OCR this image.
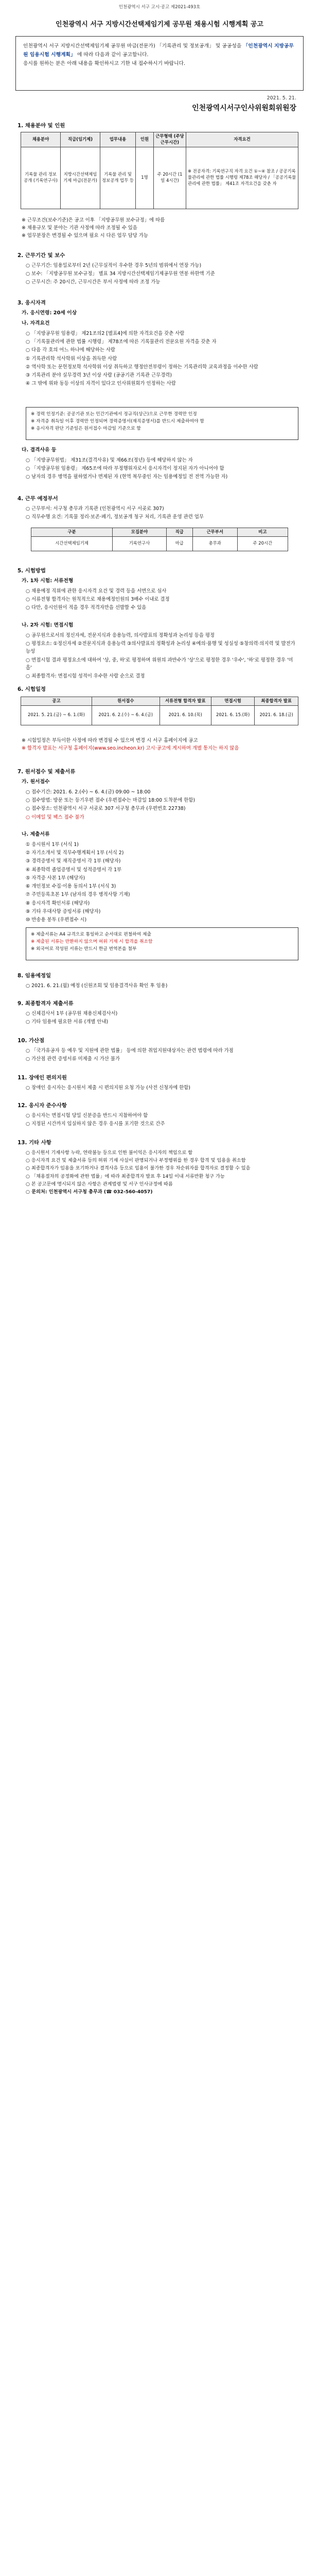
인천광역시 서구 고시·공고 제2021-493호
인천광역시 서구 지방시간선택제임기제 공무원 채용시험 시행계획 공고
인천광역시 서구 지방시간선택제임기제 공무원 마급(전문가) 「기록관리 및 정보공개」 및 공공성을 「인천광역시 지방공무원 임용시험 시행계획」 에 따라 다음과 같이 공고합니다.
응시를 원하는 분은 아래 내용을 확인하시고 기한 내 접수하시기 바랍니다.
2021. 5. 21.
인천광역시서구인사위원회위원장
1. 채용분야 및 인원
채용분야	직급(임기제)	업무내용	인원	근무형태 (주당근무시간)	자격요건
기록물 관리 정보공개 (기록연구사)	지방시간선택제임기제 마급(전문가)	기록물 관리 및 정보공개 업무 등	1명	주 20시간 (1일 4시간)	※ 전공자격: 기록연구직 자격 요건 ①~④ 참조 / 공공기록물관리에 관한 법률 시행령 제78조 해당자 / 「공공기록물관리에 관한 법률」 제41조 자격요건을 갖춘 자

※ 근무조건(보수기준)은 공고 이후 「지방공무원 보수규정」에 따름

※ 채용규모 및 분야는 기관 사정에 따라 조정될 수 있음

※ 업무분장은 변경될 수 있으며 필요 시 다른 업무 담당 가능

2. 근무기간 및 보수

○ 근무기간: 임용일로부터 2년 (근무실적이 우수한 경우 5년의 범위에서 연장 가능)

○ 보수: 「지방공무원 보수규정」 별표 34 지방시간선택제임기제공무원 연봉 하한액 기준

○ 근무시간: 주 20시간, 근무시간은 부서 사정에 따라 조정 가능

3. 응시자격
가. 응시연령: 20세 이상
나. 자격요건

○ 「지방공무원 임용령」 제21조의2 [별표4]에 의한 자격요건을 갖춘 사람

○ 「기록물관리에 관한 법률 시행령」 제78조에 따른 기록물관리 전문요원 자격을 갖춘 자

○ 다음 각 호의 어느 하나에 해당하는 사람

① 기록관리학 석사학위 이상을 취득한 사람

② 역사학 또는 문헌정보학 석사학위 이상 취득하고 행정안전부령이 정하는 기록관리학 교육과정을 이수한 사람

③ 기록관리 분야 실무경력 3년 이상 사람 (공공기관 기록관 근무경력)

④ 그 밖에 위와 동등 이상의 자격이 있다고 인사위원회가 인정하는 사람

※ 경력 인정기준: 공공기관 또는 민간기관에서 정규직(상근)으로 근무한 경력만 인정

※ 자격증 취득일 이후 경력만 인정되며 경력증명서(재직증명서)를 반드시 제출하여야 함

※ 응시자격 판단 기준일은 원서접수 마감일 기준으로 함

다. 결격사유 등

○ 「지방공무원법」 제31조(결격사유) 및 제66조(정년) 등에 해당하지 않는 자

○ 「지방공무원 임용령」 제65조에 따라 부정행위자로서 응시자격이 정지된 자가 아니어야 함

○ 남자의 경우 병역을 필하였거나 면제된 자 (현역 복무중인 자는 임용예정일 전 전역 가능한 자)

4. 근무 예정부서

○ 근무부서: 서구청 총무과 기록관 (인천광역시 서구 서곶로 307)

○ 직무수행 요건: 기록물 정리·보존·폐기, 정보공개 청구 처리, 기록관 운영 관련 업무

구분	모집분야	직급	근무부서	비고
시간선택제임기제	기록연구사	마급	총무과	주 20시간
5. 시험방법
가. 1차 시험: 서류전형

○ 채용예정 직위에 관한 응시자격 요건 및 경력 등을 서면으로 심사

○ 서류전형 합격자는 원칙적으로 채용예정인원의 3배수 이내로 결정

○ 다만, 응시인원이 적을 경우 적격자만을 선발할 수 있음

나. 2차 시험: 면접시험

○ 공무원으로서의 정신자세, 전문지식과 응용능력, 의사발표의 정확성과 논리성 등을 평정

○ 평정요소: ①정신자세 ②전문지식과 응용능력 ③의사발표의 정확성과 논리성 ④예의·품행 및 성실성 ⑤창의력·의지력 및 발전가능성

○ 면접시험 결과 평정요소에 대하여 '상, 중, 하'로 평정하며 위원의 과반수가 '상'으로 평정한 경우 '우수', '하'로 평정한 경우 '미흡'

○ 최종합격자: 면접시험 성적이 우수한 사람 순으로 결정

6. 시험일정
공고	원서접수	서류전형 합격자 발표	면접시험	최종합격자 발표
2021. 5. 21.(금) ~ 6. 1.(화)	2021. 6. 2.(수) ~ 6. 4.(금)	2021. 6. 10.(목)	2021. 6. 15.(화)	2021. 6. 18.(금)

※ 시험일정은 부득이한 사정에 따라 변경될 수 있으며 변경 시 서구 홈페이지에 공고

※ 합격자 발표는 서구청 홈페이지(www.seo.incheon.kr) 고시·공고에 게시하며 개별 통지는 하지 않음

7. 원서접수 및 제출서류
가. 원서접수

○ 접수기간: 2021. 6. 2.(수) ~ 6. 4.(금) 09:00 ~ 18:00

○ 접수방법: 방문 또는 등기우편 접수 (우편접수는 마감일 18:00 도착분에 한함)

○ 접수장소: 인천광역시 서구 서곶로 307 서구청 총무과 (우편번호 22738)

○ 이메일 및 팩스 접수 불가

나. 제출서류

① 응시원서 1부 (서식 1)

② 자기소개서 및 직무수행계획서 1부 (서식 2)

③ 경력증명서 및 재직증명서 각 1부 (해당자)

④ 최종학력 졸업증명서 및 성적증명서 각 1부

⑤ 자격증 사본 1부 (해당자)

⑥ 개인정보 수집·이용 동의서 1부 (서식 3)

⑦ 주민등록초본 1부 (남자의 경우 병적사항 기재)

⑧ 응시자격 확인서류 (해당자)

⑨ 기타 우대사항 증빙서류 (해당자)

⑩ 반송용 봉투 (우편접수 시)

※ 제출서류는 A4 규격으로 통일하고 순서대로 편철하여 제출

※ 제출된 서류는 반환하지 않으며 허위 기재 시 합격을 취소함

※ 외국어로 작성된 서류는 반드시 한글 번역본을 첨부

8. 임용예정일

○ 2021. 6. 21.(월) 예정 (신원조회 및 임용결격사유 확인 후 임용)

9. 최종합격자 제출서류

○ 신체검사서 1부 (공무원 채용신체검사서)

○ 기타 임용에 필요한 서류 (개별 안내)

10. 가산점

○ 「국가유공자 등 예우 및 지원에 관한 법률」 등에 의한 취업지원대상자는 관련 법령에 따라 가점

○ 가산점 관련 증빙서류 미제출 시 가산 불가

11. 장애인 편의지원

○ 장애인 응시자는 응시원서 제출 시 편의지원 요청 가능 (사전 신청자에 한함)

12. 응시자 준수사항

○ 응시자는 면접시험 당일 신분증을 반드시 지참하여야 함

○ 지정된 시간까지 입실하지 않은 경우 응시를 포기한 것으로 간주

13. 기타 사항

○ 응시원서 기재사항 누락, 연락불능 등으로 인한 불이익은 응시자의 책임으로 함

○ 응시자격 요건 및 제출서류 등의 허위 기재 사실이 판명되거나 부정행위를 한 경우 합격 및 임용을 취소함

○ 최종합격자가 임용을 포기하거나 결격사유 등으로 임용이 불가한 경우 차순위자를 합격자로 결정할 수 있음

○ 「채용절차의 공정화에 관한 법률」에 따라 최종합격자 발표 후 14일 이내 서류반환 청구 가능

○ 본 공고문에 명시되지 않은 사항은 관계법령 및 서구 인사규정에 따름

○ 문의처: 인천광역시 서구청 총무과 (☎ 032-560-4057)
